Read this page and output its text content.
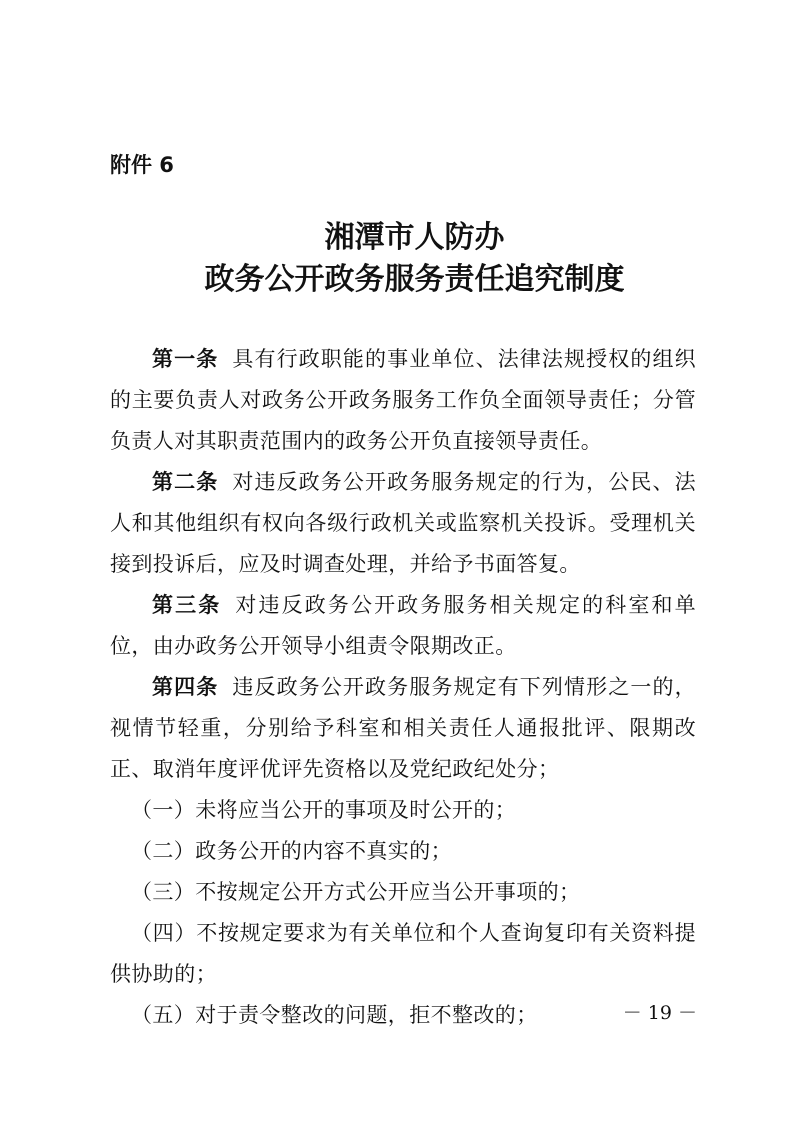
附件 6
湘潭市人防办
政务公开政务服务责任追究制度

第一条 具有行政职能的事业单位、法律法规授权的组织的主要负责人对政务公开政务服务工作负全面领导责任；分管负责人对其职责范围内的政务公开负直接领导责任。

第二条 对违反政务公开政务服务规定的行为，公民、法人和其他组织有权向各级行政机关或监察机关投诉。受理机关接到投诉后，应及时调查处理，并给予书面答复。

第三条 对违反政务公开政务服务相关规定的科室和单位，由办政务公开领导小组责令限期改正。

第四条 违反政务公开政务服务规定有下列情形之一的，视情节轻重，分别给予科室和相关责任人通报批评、限期改正、取消年度评优评先资格以及党纪政纪处分；

（一）未将应当公开的事项及时公开的；

（二）政务公开的内容不真实的；

（三）不按规定公开方式公开应当公开事项的；

（四）不按规定要求为有关单位和个人查询复印有关资料提供协助的；

（五）对于责令整改的问题，拒不整改的；	－ 19 －
